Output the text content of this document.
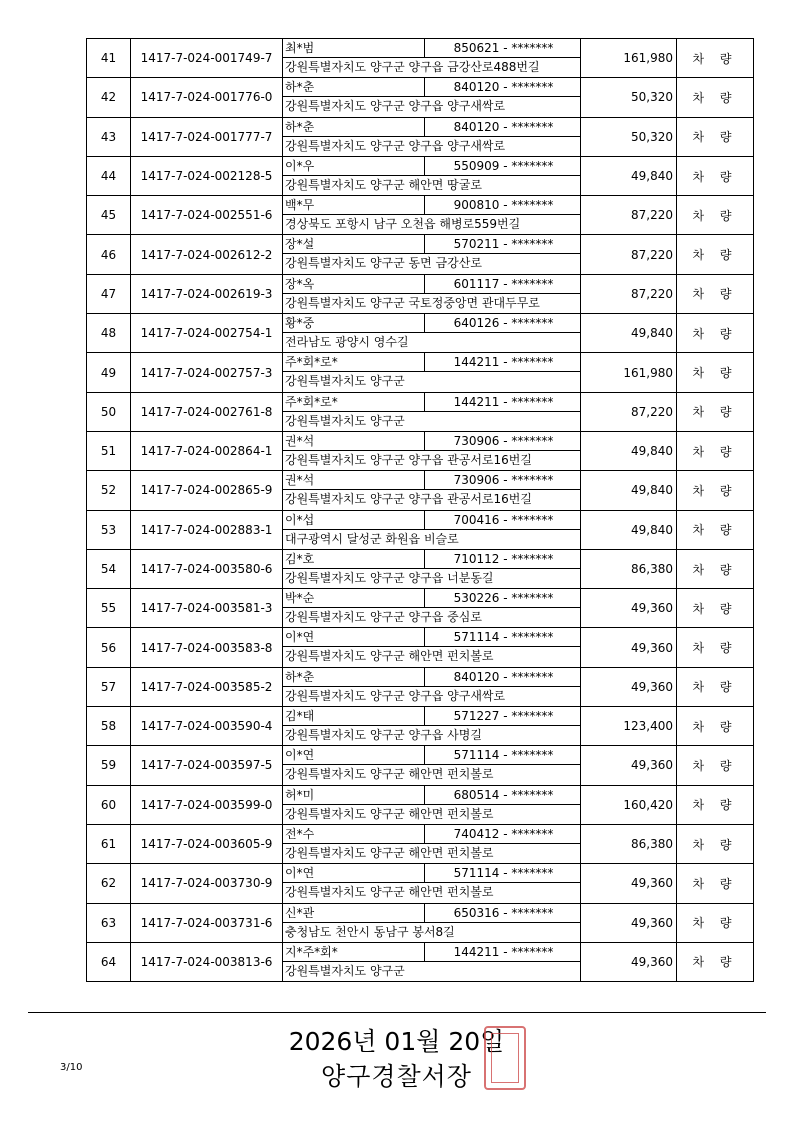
41	1417-7-024-001749-7	최*범 850621 - *******
강원특별자치도 양구군 양구읍 금강산로488번길	161,980	차 량
42	1417-7-024-001776-0	하*춘 840120 - *******
강원특별자치도 양구군 양구읍 양구새싹로	50,320	차 량
43	1417-7-024-001777-7	하*춘 840120 - *******
강원특별자치도 양구군 양구읍 양구새싹로	50,320	차 량
44	1417-7-024-002128-5	이*우 550909 - *******
강원특별자치도 양구군 해안면 땅굴로	49,840	차 량
45	1417-7-024-002551-6	백*무 900810 - *******
경상북도 포항시 남구 오천읍 해병로559번길	87,220	차 량
46	1417-7-024-002612-2	장*설 570211 - *******
강원특별자치도 양구군 동면 금강산로	87,220	차 량
47	1417-7-024-002619-3	장*옥 601117 - *******
강원특별자치도 양구군 국토정중앙면 관대두무로	87,220	차 량
48	1417-7-024-002754-1	황*중 640126 - *******
전라남도 광양시 영수길	49,840	차 량
49	1417-7-024-002757-3	주*회*로* 144211 - *******
강원특별자치도 양구군	161,980	차 량
50	1417-7-024-002761-8	주*회*로* 144211 - *******
강원특별자치도 양구군	87,220	차 량
51	1417-7-024-002864-1	권*석 730906 - *******
강원특별자치도 양구군 양구읍 관공서로16번길	49,840	차 량
52	1417-7-024-002865-9	권*석 730906 - *******
강원특별자치도 양구군 양구읍 관공서로16번길	49,840	차 량
53	1417-7-024-002883-1	이*섭 700416 - *******
대구광역시 달성군 화원읍 비슬로	49,840	차 량
54	1417-7-024-003580-6	김*호 710112 - *******
강원특별자치도 양구군 양구읍 너분동길	86,380	차 량
55	1417-7-024-003581-3	박*순 530226 - *******
강원특별자치도 양구군 양구읍 중심로	49,360	차 량
56	1417-7-024-003583-8	이*연 571114 - *******
강원특별자치도 양구군 해안면 펀치볼로	49,360	차 량
57	1417-7-024-003585-2	하*춘 840120 - *******
강원특별자치도 양구군 양구읍 양구새싹로	49,360	차 량
58	1417-7-024-003590-4	김*태 571227 - *******
강원특별자치도 양구군 양구읍 사명길	123,400	차 량
59	1417-7-024-003597-5	이*연 571114 - *******
강원특별자치도 양구군 해안면 펀치볼로	49,360	차 량
60	1417-7-024-003599-0	허*미 680514 - *******
강원특별자치도 양구군 해안면 펀치볼로	160,420	차 량
61	1417-7-024-003605-9	전*수 740412 - *******
강원특별자치도 양구군 해안면 펀치볼로	86,380	차 량
62	1417-7-024-003730-9	이*연 571114 - *******
강원특별자치도 양구군 해안면 펀치볼로	49,360	차 량
63	1417-7-024-003731-6	신*관 650316 - *******
충청남도 천안시 동남구 봉서8길	49,360	차 량
64	1417-7-024-003813-6	지*주*회* 144211 - *******
강원특별자치도 양구군	49,360	차 량
2026년 01월 20일
양구경찰서장
3/10
